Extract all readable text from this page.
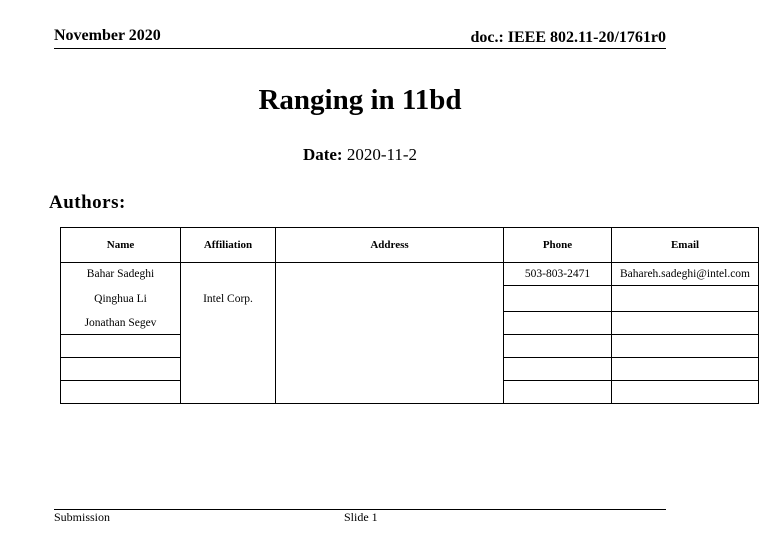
November 2020	doc.: IEEE 802.11-20/1761r0
Ranging in 11bd
Date: 2020-11-2
Authors:
Name	Affiliation	Address	Phone	Email
Bahar Sadeghi			503-803-2471	Bahareh.sadeghi@intel.com
Qinghua Li	Intel Corp.			
Jonathan Segev				

Submission	Slide 1
